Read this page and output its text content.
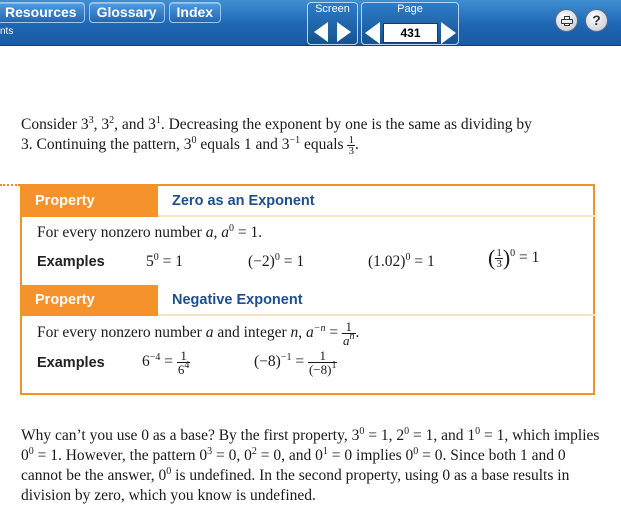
Resources	Glossary	Index
nts
Screen	Page
431
?
Consider $3^3$, $3^2$, and $3^1$. Decreasing the exponent by one is the same as dividing by 3. Continuing the pattern, $3^0$ equals 1 and $3^{-1}$ equals $\frac{1}{3}$ .
Property	Zero as an Exponent
For every nonzero number a, $a^0 = 1$.
Examples	$5^0 = 1$	$(-2)^0 = 1$	$(1.02)^0 = 1$ ( $\frac{1}{3} )^0 = 1$
Property	Negative Exponent
For every nonzero number a and integer n, $a^{-n} = \frac{1}{a^n}$ .
Examples $6^{-4} = \frac{1}{6^4}$	$(-8)^{-1} = \frac{1}{(-8)^1}$
Why can’t you use 0 as a base? By the first property, $3^0 = 1$, $2^0 = 1$, and $1^0 = 1$, which implies $0^0 = 1$. However, the pattern $0^3 = 0$, $0^2 = 0$, and $0^1 = 0$ implies $0^0 = 0$. Since both 1 and 0 cannot be the answer, $0^0$ is undefined. In the second property, using 0 as a base results in division by zero, which you know is undefined.
